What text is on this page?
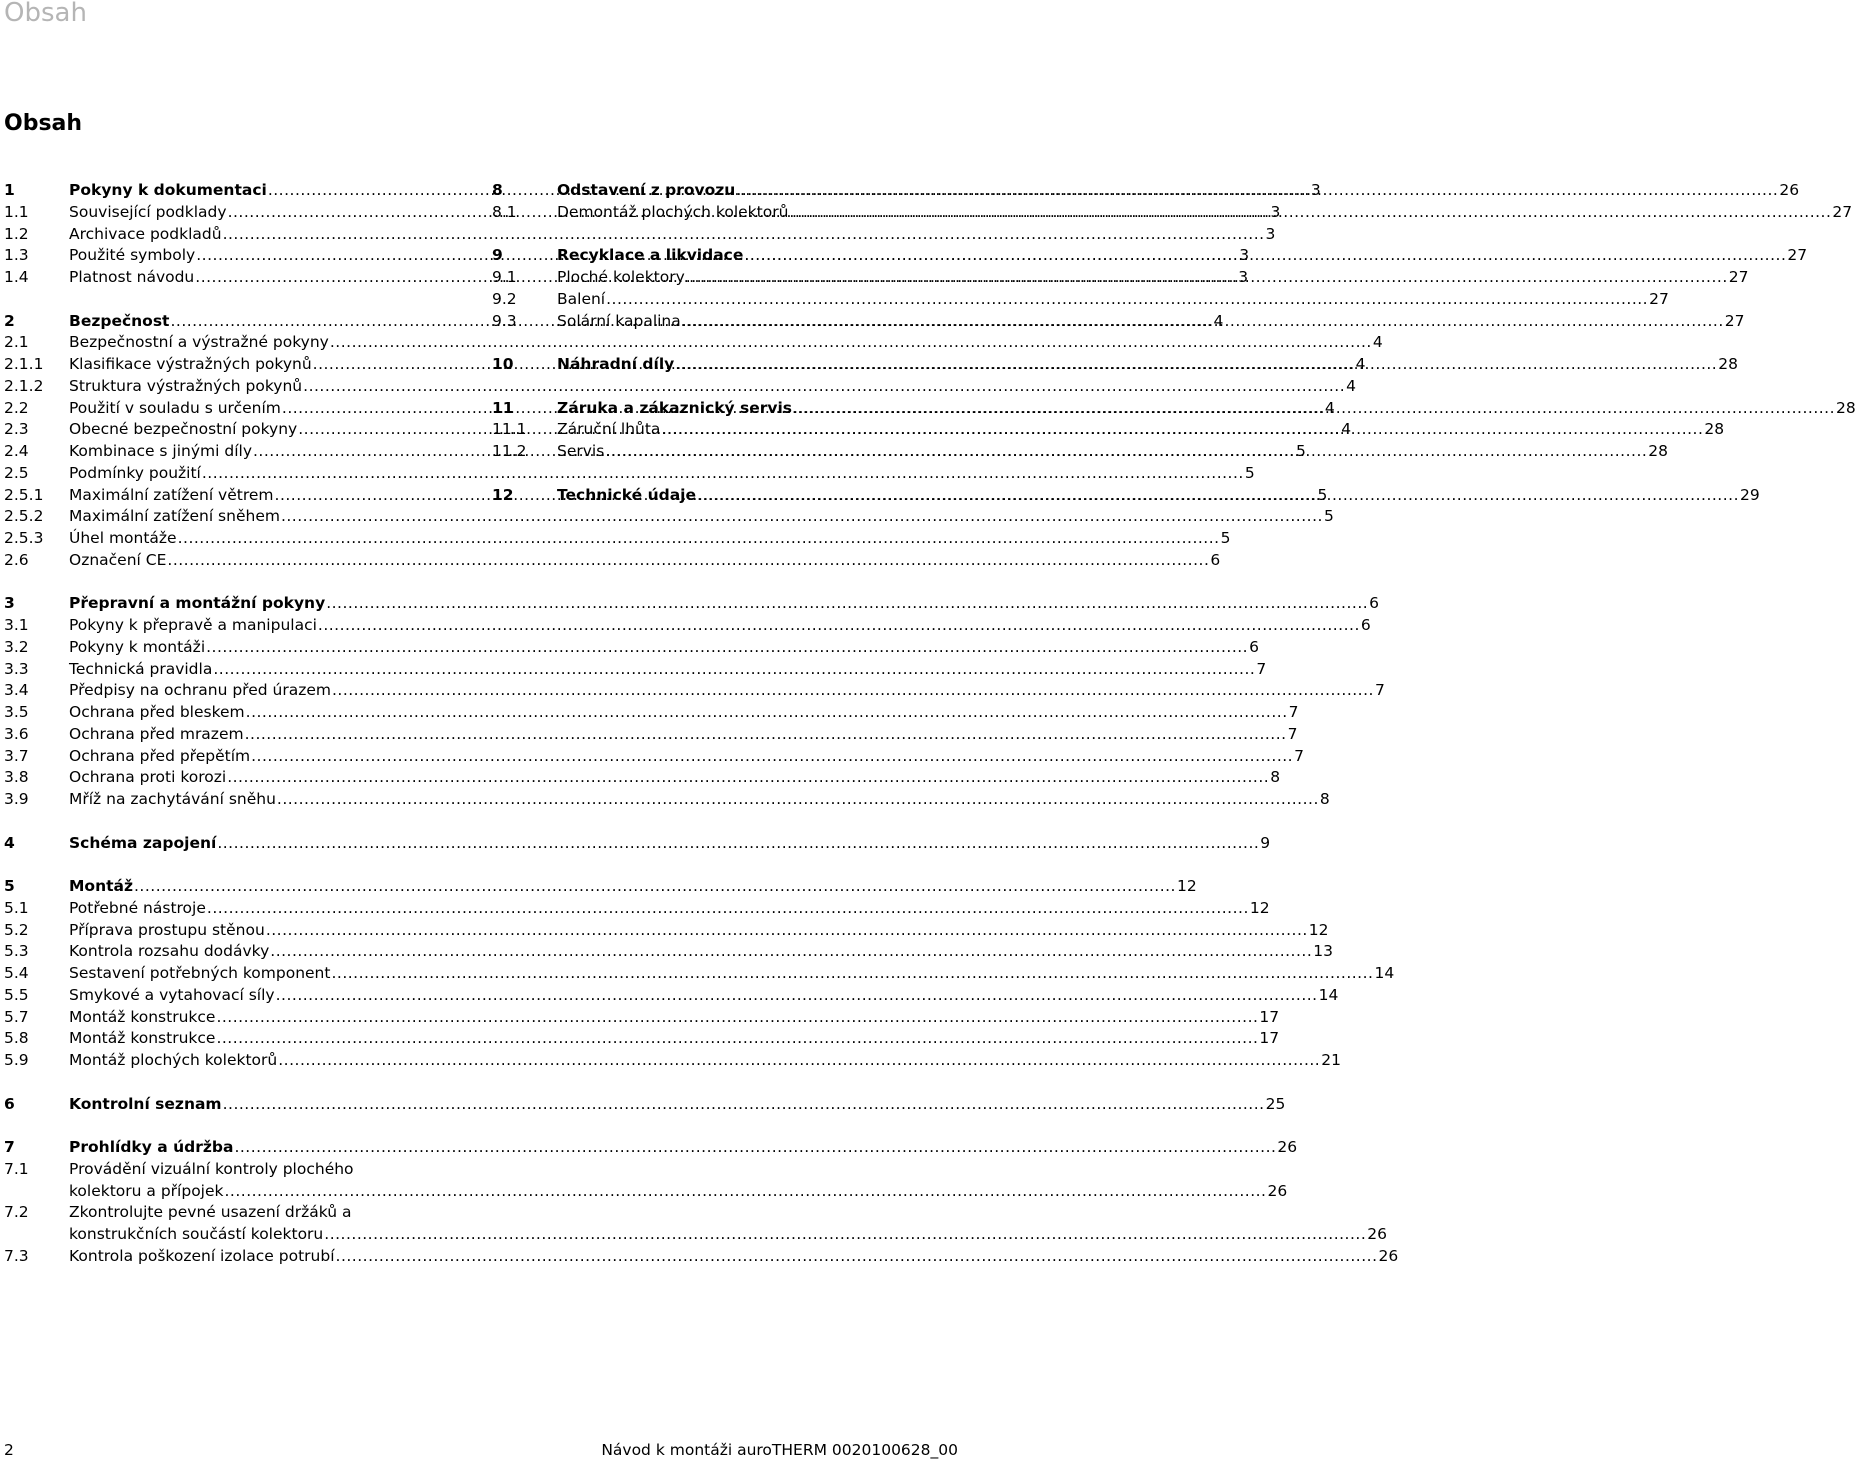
Obsah
Obsah
1	Pokyny k dokumentaci .....	3
1.1	Související podklady .....	3
1.2	Archivace podkladů .....	3
1.3	Použité symboly .....	3
1.4	Platnost návodu .....	3
2	Bezpečnost .....	4
2.1	Bezpečnostní a výstražné pokyny .....	4
2.1.1	Klasifikace výstražných pokynů .....	4
2.1.2	Struktura výstražných pokynů .....	4
2.2	Použití v souladu s určením .....	4
2.3	Obecné bezpečnostní pokyny .....	4
2.4	Kombinace s jinými díly .....	5
2.5	Podmínky použití .....	5
2.5.1	Maximální zatížení větrem .....	5
2.5.2	Maximální zatížení sněhem .....	5
2.5.3	Úhel montáže .....	5
2.6	Označení CE .....	6
3	Přepravní a montážní pokyny .....	6
3.1	Pokyny k přepravě a manipulaci .....	6
3.2	Pokyny k montáži .....	6
3.3	Technická pravidla .....	7
3.4	Předpisy na ochranu před úrazem .....	7
3.5	Ochrana před bleskem .....	7
3.6	Ochrana před mrazem .....	7
3.7	Ochrana před přepětím .....	7
3.8	Ochrana proti korozi .....	8
3.9	Mříž na zachytávání sněhu .....	8
4	Schéma zapojení .....	9
5	Montáž .....	12
5.1	Potřebné nástroje .....	12
5.2	Příprava prostupu stěnou .....	12
5.3	Kontrola rozsahu dodávky .....	13
5.4	Sestavení potřebných komponent .....	14
5.5	Smykové a vytahovací síly .....	14
5.7	Montáž konstrukce .....	17
5.8	Montáž konstrukce .....	17
5.9	Montáž plochých kolektorů .....	21
6	Kontrolní seznam .....	25
7	Prohlídky a údržba .....	26
7.1	Provádění vizuální kontroly plochého
kolektoru a přípojek .....	26
7.2	Zkontrolujte pevné usazení držáků a
konstrukčních součástí kolektoru .....	26
7.3	Kontrola poškození izolace potrubí .....	26
8	Odstavení z provozu .....	26
8.1	Demontáž plochých kolektorů .....	27
9	Recyklace a likvidace .....	27
9.1	Ploché kolektory .....	27
9.2	Balení .....	27
9.3	Solární kapalina .....	27
10	Náhradní díly .....	28
11	Záruka a zákaznický servis .....	28
11.1	Záruční lhůta .....	28
11.2	Servis .....	28
12	Technické údaje .....	29
2	Návod k montáži auroTHERM 0020100628_00
